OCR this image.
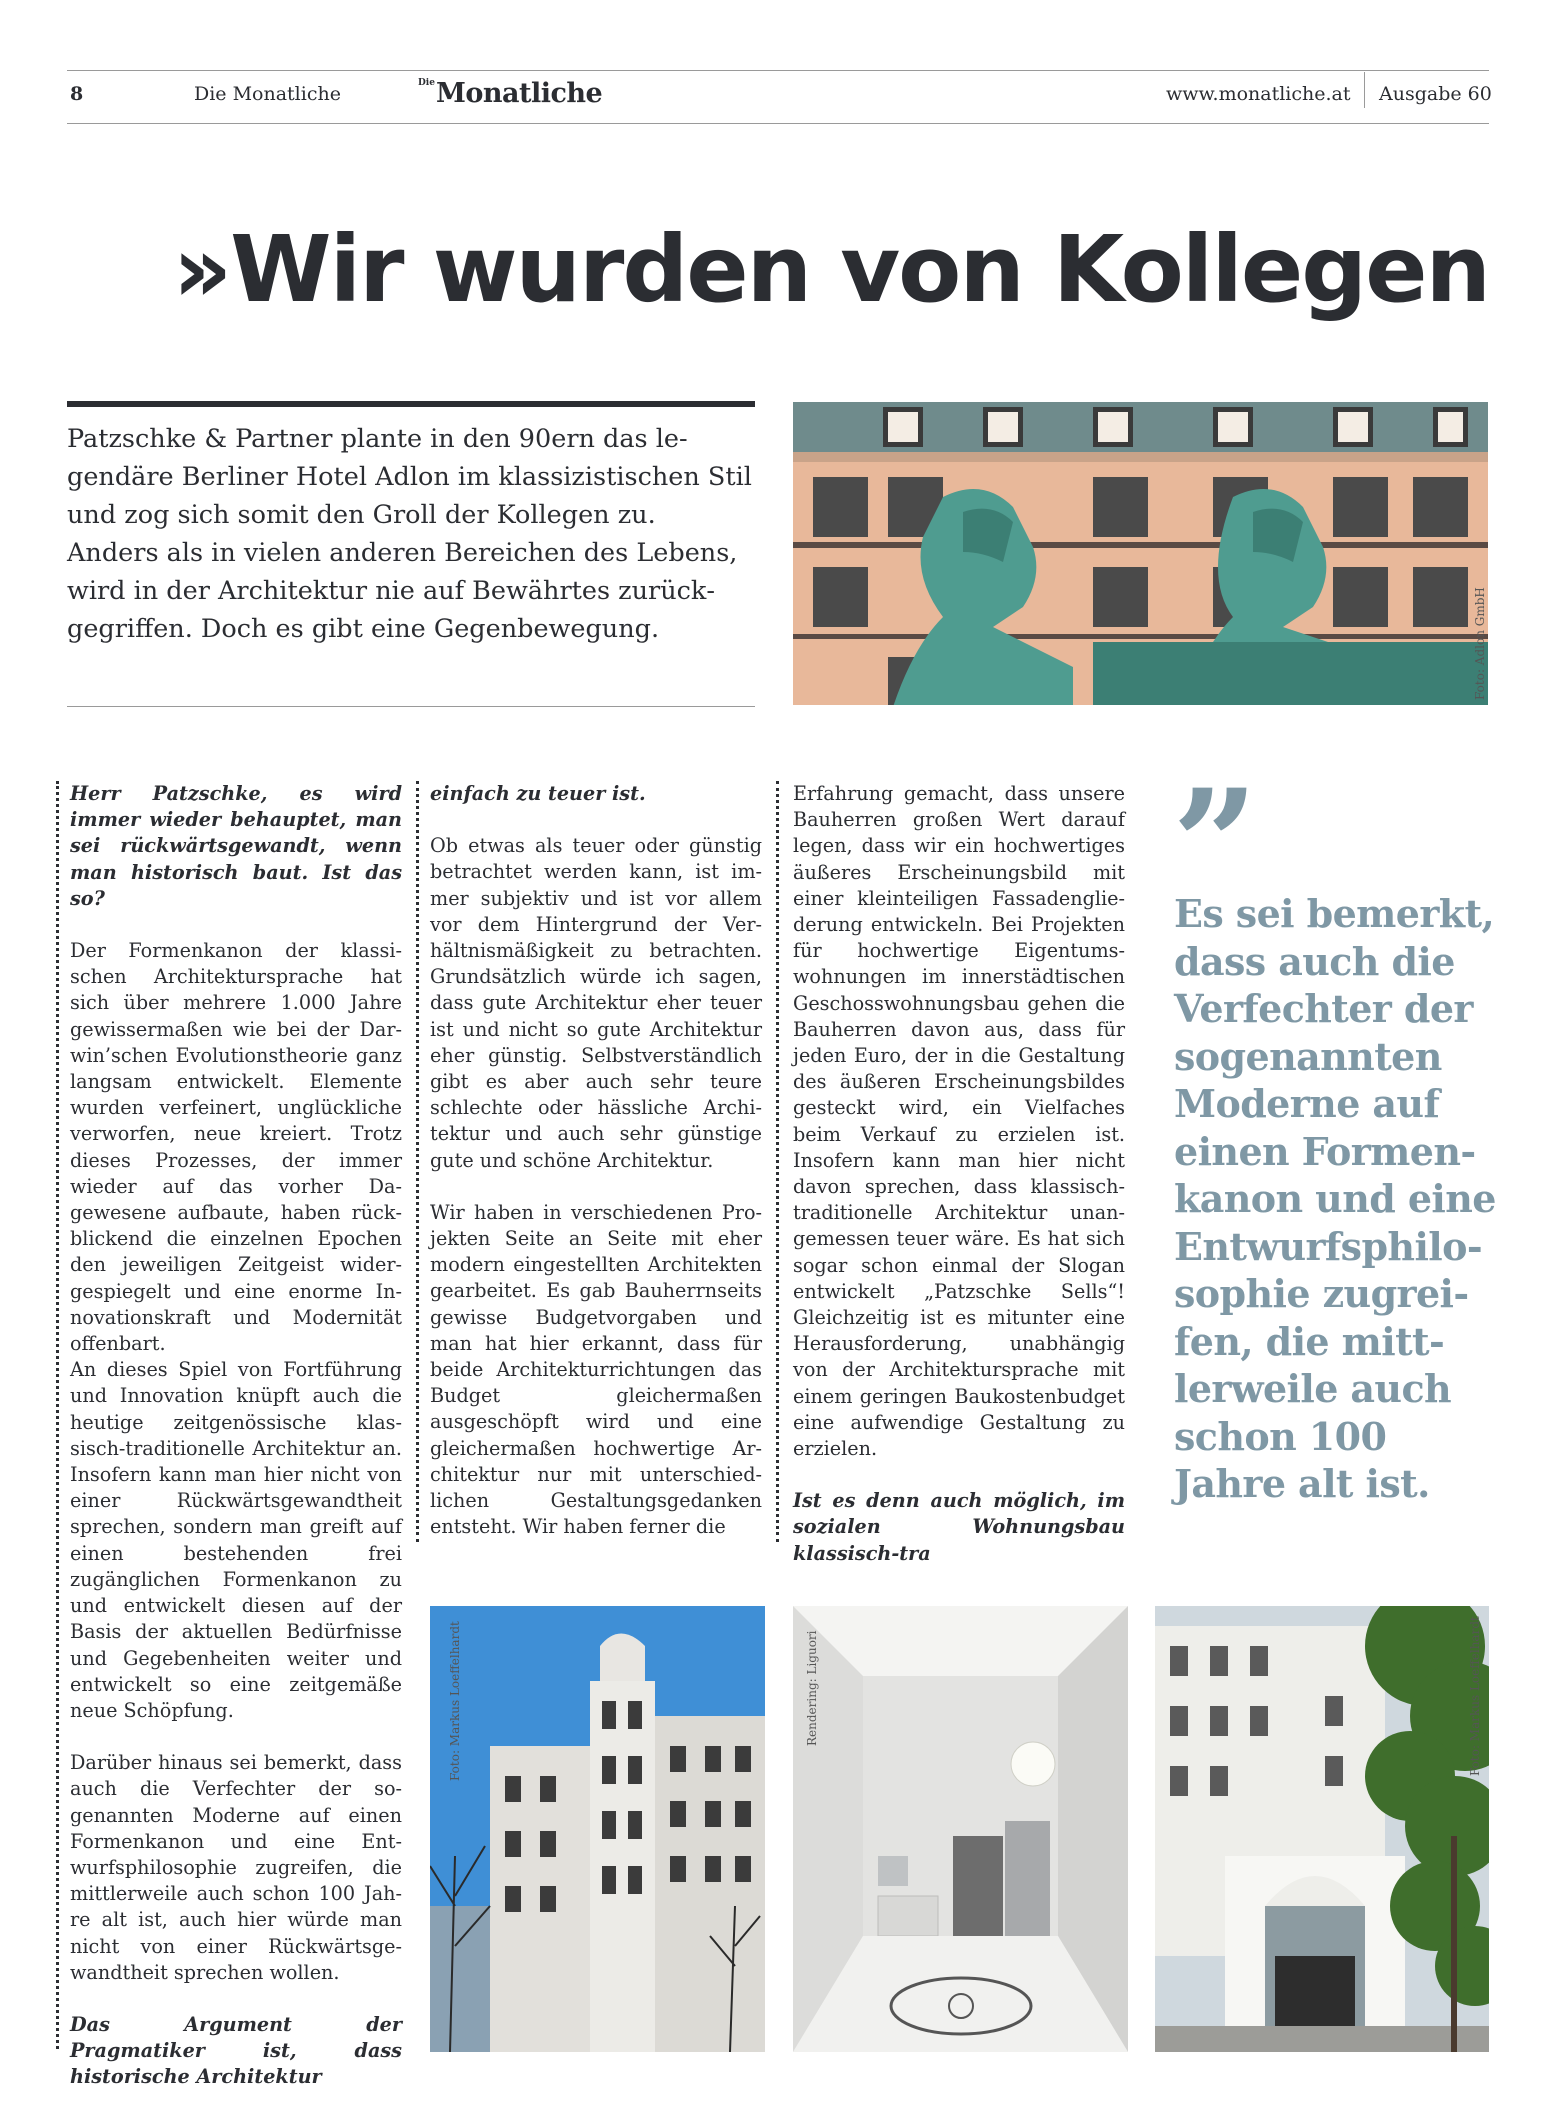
8	Die Monatliche	$^{Die}$Monatliche	www.monatliche.at Ausgabe 60
»Wir wurden von Kollegen

Patzschke & Partner plante in den 90ern das legendäre Berliner Hotel Adlon im klassizistischen Stil und zog sich somit den Groll der Kollegen zu. Anders als in vielen anderen Bereichen des Lebens, wird in der Architektur nie auf Bewährtes zurückgegriffen. Doch es gibt eine Gegenbewegung.	Foto: Adlon GmbH

Herr Patzschke, es wird immer wieder behauptet, man sei rückwärtsgewandt, wenn man historisch baut. Ist das so?

Der Formenkanon der klassischen Architektursprache hat sich über mehrere 1.000 Jahre gewissermaßen wie bei der Darwin’schen Evolutionstheorie ganz langsam entwickelt. Elemente wurden verfeinert, unglückliche verworfen, neue kreiert. Trotz dieses Prozesses, der immer wieder auf das vorher Dagewesene aufbaute, haben rückblickend die einzelnen Epochen den jeweiligen Zeitgeist widergespiegelt und eine enorme Innovationskraft und Modernität offenbart.

An dieses Spiel von Fortführung und Innovation knüpft auch die heutige zeitgenössische klassisch-traditionelle Architektur an. Insofern kann man hier nicht von einer Rückwärtsgewandtheit sprechen, sondern man greift auf einen bestehenden frei zugänglichen Formenkanon zu und entwickelt diesen auf der Basis der aktuellen Bedürfnisse und Gegebenheiten weiter und entwickelt so eine zeitgemäße neue Schöpfung.

Darüber hinaus sei bemerkt, dass auch die Verfechter der sogenannten Moderne auf einen Formenkanon und eine Entwurfsphilosophie zugreifen, die mittlerweile auch schon 100 Jahre alt ist, auch hier würde man nicht von einer Rückwärtsgewandtheit sprechen wollen.

Das Argument der Pragmatiker ist, dass historische Architektur

einfach zu teuer ist.

Ob etwas als teuer oder günstig betrachtet werden kann, ist immer subjektiv und ist vor allem vor dem Hintergrund der Verhältnismäßigkeit zu betrachten. Grundsätzlich würde ich sagen, dass gute Architektur eher teuer ist und nicht so gute Architektur eher günstig. Selbstverständlich gibt es aber auch sehr teure schlechte oder hässliche Architektur und auch sehr günstige gute und schöne Architektur.

Wir haben in verschiedenen Projekten Seite an Seite mit eher modern eingestellten Architekten gearbeitet. Es gab Bauherrnseits gewisse Budgetvorgaben und man hat hier erkannt, dass für beide Architekturrichtungen das Budget gleichermaßen ausgeschöpft wird und eine gleichermaßen hochwertige Architektur nur mit unterschiedlichen Gestaltungsgedanken entsteht. Wir haben ferner die

Erfahrung gemacht, dass unsere Bauherren großen Wert darauf legen, dass wir ein hochwertiges äußeres Erscheinungsbild mit einer kleinteiligen Fassadengliederung entwickeln. Bei Projekten für hochwertige Eigentumswohnungen im innerstädtischen Geschosswohnungsbau gehen die Bauherren davon aus, dass für jeden Euro, der in die Gestaltung des äußeren Erscheinungsbildes gesteckt wird, ein Vielfaches beim Verkauf zu erzielen ist. Insofern kann man hier nicht davon sprechen, dass klassisch-traditionelle Architektur unangemessen teuer wäre. Es hat sich sogar schon einmal der Slogan entwickelt „Patzschke Sells“! Gleichzeitig ist es mitunter eine Herausforderung, unabhängig von der Architektursprache mit einem geringen Baukostenbudget eine aufwendige Gestaltung zu erzielen.

Ist es denn auch möglich, im sozialen Wohnungsbau klassisch-tra

”

Es sei bemerkt, dass auch die Verfechter der sogenannten Moderne auf einen Formenkanon und eine Entwurfsphilosophie zugreifen, die mittlerweile auch schon 100 Jahre alt ist.

Foto: Markus Loeffelhardt	Rendering: Liguori	Foto: Markus Loeffelhardt
